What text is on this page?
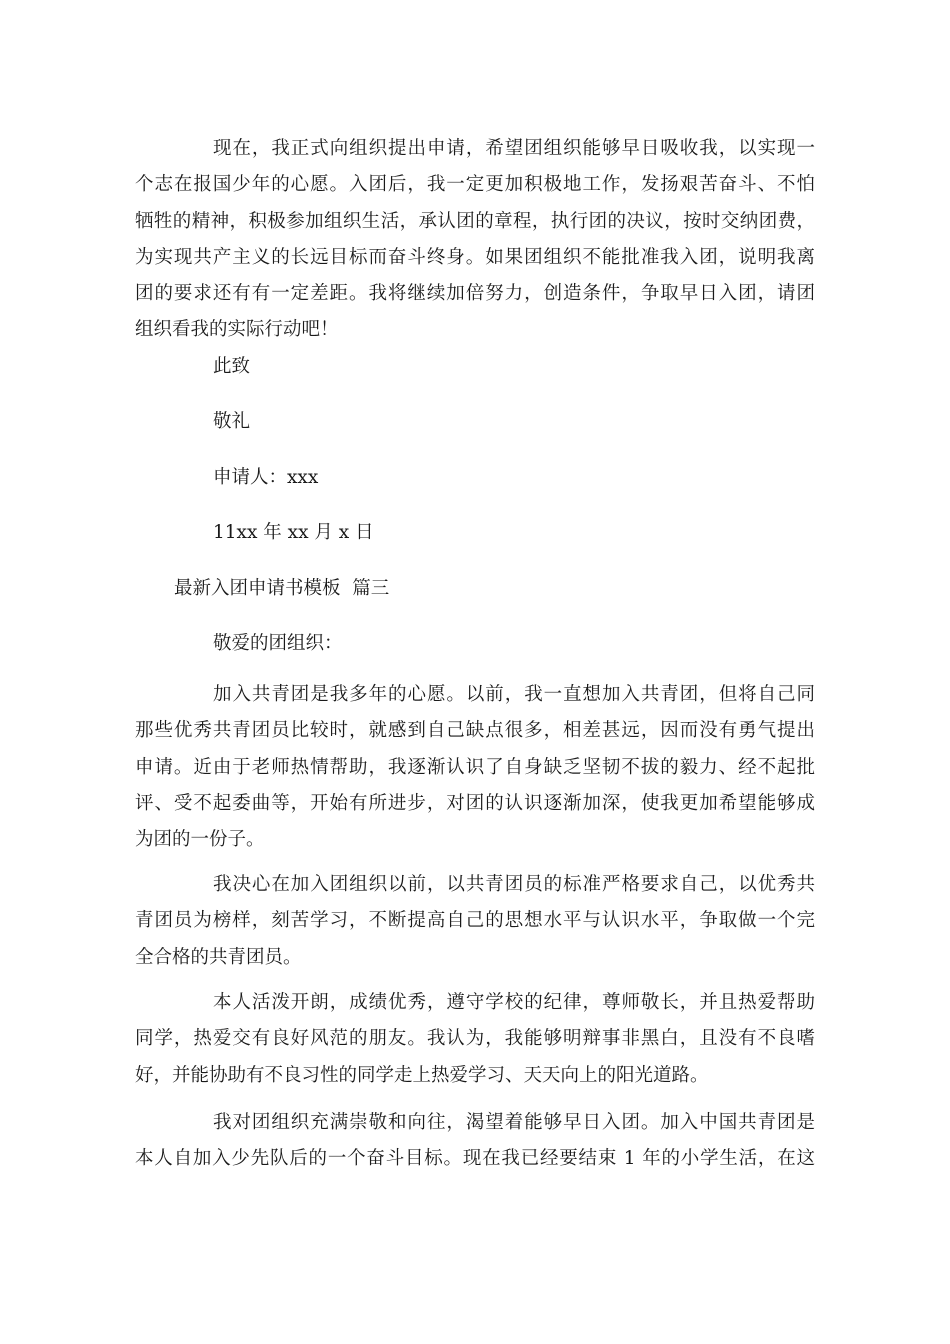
现在，我正式向组织提出申请，希望团组织能够早日吸收我，以实现一
个志在报国少年的心愿。入团后，我一定更加积极地工作，发扬艰苦奋斗、不怕
牺牲的精神，积极参加组织生活，承认团的章程，执行团的决议，按时交纳团费，
为实现共产主义的长远目标而奋斗终身。如果团组织不能批准我入团，说明我离
团的要求还有有一定差距。我将继续加倍努力，创造条件，争取早日入团，请团
组织看我的实际行动吧！
此致
敬礼
申请人：xxx
11xx 年 xx 月 x 日
最新入团申请书模板  篇三
敬爱的团组织：
加入共青团是我多年的心愿。以前，我一直想加入共青团，但将自己同
那些优秀共青团员比较时，就感到自己缺点很多，相差甚远，因而没有勇气提出
申请。近由于老师热情帮助，我逐渐认识了自身缺乏坚韧不拔的毅力、经不起批
评、受不起委曲等，开始有所进步，对团的认识逐渐加深，使我更加希望能够成
为团的一份子。
我决心在加入团组织以前，以共青团员的标准严格要求自己，以优秀共
青团员为榜样，刻苦学习，不断提高自己的思想水平与认识水平，争取做一个完
全合格的共青团员。
本人活泼开朗，成绩优秀，遵守学校的纪律，尊师敬长，并且热爱帮助
同学，热爱交有良好风范的朋友。我认为，我能够明辩事非黑白，且没有不良嗜
好，并能协助有不良习性的同学走上热爱学习、天天向上的阳光道路。
我对团组织充满崇敬和向往，渴望着能够早日入团。加入中国共青团是
本人自加入少先队后的一个奋斗目标。现在我已经要结束 1 年的小学生活，在这
